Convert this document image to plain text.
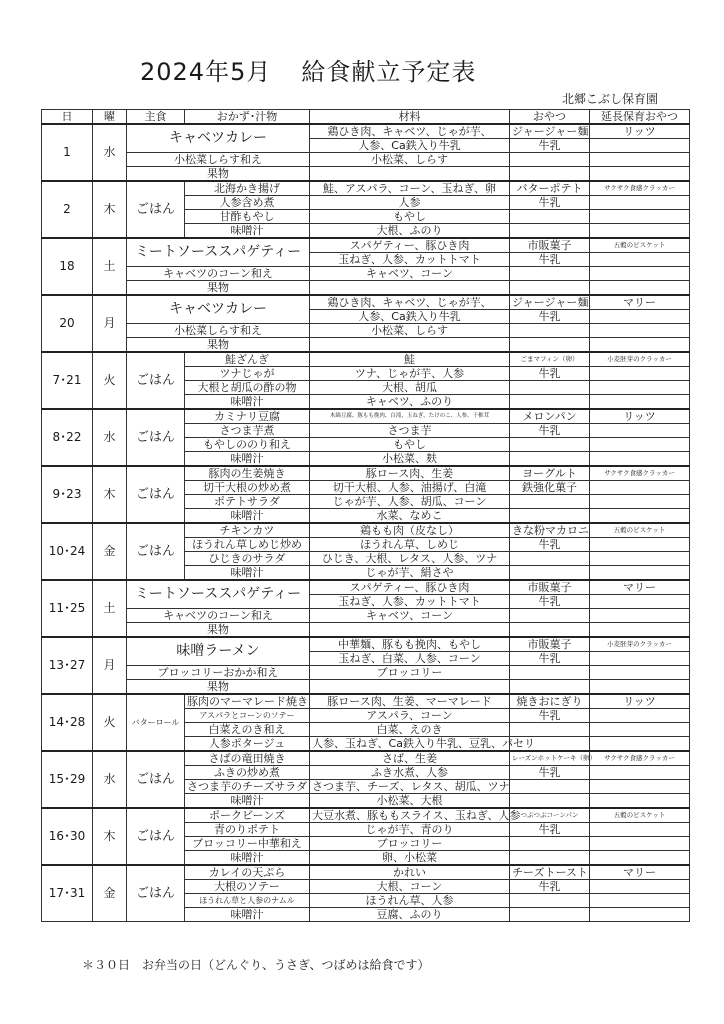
2024年5月 給食献立予定表
北郷こぶし保育園
日	曜	主食	おかず･汁物	材料	おやつ	延長保育おやつ
1	水	キャベツカレー		鶏ひき肉、キャベツ、じゃが芋、	ジャージャー麺	リッツ
				人参、Ca鉄入り牛乳	牛乳	
		小松菜しらす和え		小松菜、しらす		
		果物				
2	木	ごはん	北海かき揚げ	鮭、アスパラ、コーン、玉ねぎ、卵	バターポテト	サクサク食感クラッカー
			人参含め煮	人参	牛乳	
			甘酢もやし	もやし		
			味噌汁	大根、ふのり		
18	土	ミートソーススパゲティー		スパゲティー、豚ひき肉	市販菓子	五穀のビスケット
				玉ねぎ、人参、カットトマト	牛乳	
		キャベツのコーン和え		キャベツ、コーン		
		果物				
20	月	キャベツカレー		鶏ひき肉、キャベツ、じゃが芋、	ジャージャー麺	マリー
				人参、Ca鉄入り牛乳	牛乳	
		小松菜しらす和え		小松菜、しらす		
		果物				
7･21	火	ごはん	鮭ざんぎ	鮭	ごまマフィン（卵）	小麦胚芽のクラッカー
			ツナじゃが	ツナ、じゃが芋、人参	牛乳	
			大根と胡瓜の酢の物	大根、胡瓜		
			味噌汁	キャベツ、ふのり		
8･22	水	ごはん	カミナリ豆腐	木綿豆腐、豚もも挽肉、白滝、玉ねぎ、たけのこ、人参、干椎茸	メロンパン	リッツ
			さつま芋煮	さつま芋	牛乳	
			もやしののり和え	もやし		
			味噌汁	小松菜、麸		
9･23	木	ごはん	豚肉の生姜焼き	豚ロース肉、生姜	ヨーグルト	サクサク食感クラッカー
			切干大根の炒め煮	切干大根、人参、油揚げ、白滝	鉄強化菓子	
			ポテトサラダ	じゃが芋、人参、胡瓜、コーン		
			味噌汁	水菜、なめこ		
10･24	金	ごはん	チキンカツ	鶏もも肉（皮なし）	きな粉マカロニ	五穀のビスケット
			ほうれん草しめじ炒め	ほうれん草、しめじ	牛乳	
			ひじきのサラダ	ひじき、大根、レタス、人参、ツナ		
			味噌汁	じゃが芋、絹さや		
11･25	土	ミートソーススパゲティー		スパゲティー、豚ひき肉	市販菓子	マリー
				玉ねぎ、人参、カットトマト	牛乳	
		キャベツのコーン和え		キャベツ、コーン		
		果物				
13･27	月	味噌ラーメン		中華麺、豚もも挽肉、もやし	市販菓子	小麦胚芽のクラッカー
				玉ねぎ、白菜、人参、コーン	牛乳	
		ブロッコリーおかか和え		ブロッコリー		
		果物				
14･28	火	バターロール	豚肉のマーマレード焼き	豚ロース肉、生姜、マーマレード	焼きおにぎり	リッツ
			アスパラとコーンのソテー	アスパラ、コーン	牛乳	
			白菜えのき和え	白菜、えのき		
			人参ポタージュ	人参、玉ねぎ、Ca鉄入り牛乳、豆乳、パセリ		
15･29	水	ごはん	さばの竜田焼き	さば、生姜	レーズンホットケーキ（卵）	サクサク食感クラッカー
			ふきの炒め煮	ふき水煮、人参	牛乳	
			さつま芋のチーズサラダ	さつま芋、チーズ、レタス、胡瓜、ツナ		
			味噌汁	小松菜、大根		
16･30	木	ごはん	ポークビーンズ	大豆水煮、豚ももスライス、玉ねぎ、人参	つぶつぶコーンパン	五穀のビスケット
			青のりポテト	じゃが芋、青のり	牛乳	
			ブロッコリー中華和え	ブロッコリー		
			味噌汁	卵、小松菜		
17･31	金	ごはん	カレイの天ぷら	かれい	チーズトースト	マリー
			大根のソテー	大根、コーン	牛乳	
			ほうれん草と人参のナムル	ほうれん草、人参		
			味噌汁	豆腐、ふのり		
＊３０日　お弁当の日（どんぐり、うさぎ、つばめは給食です）
